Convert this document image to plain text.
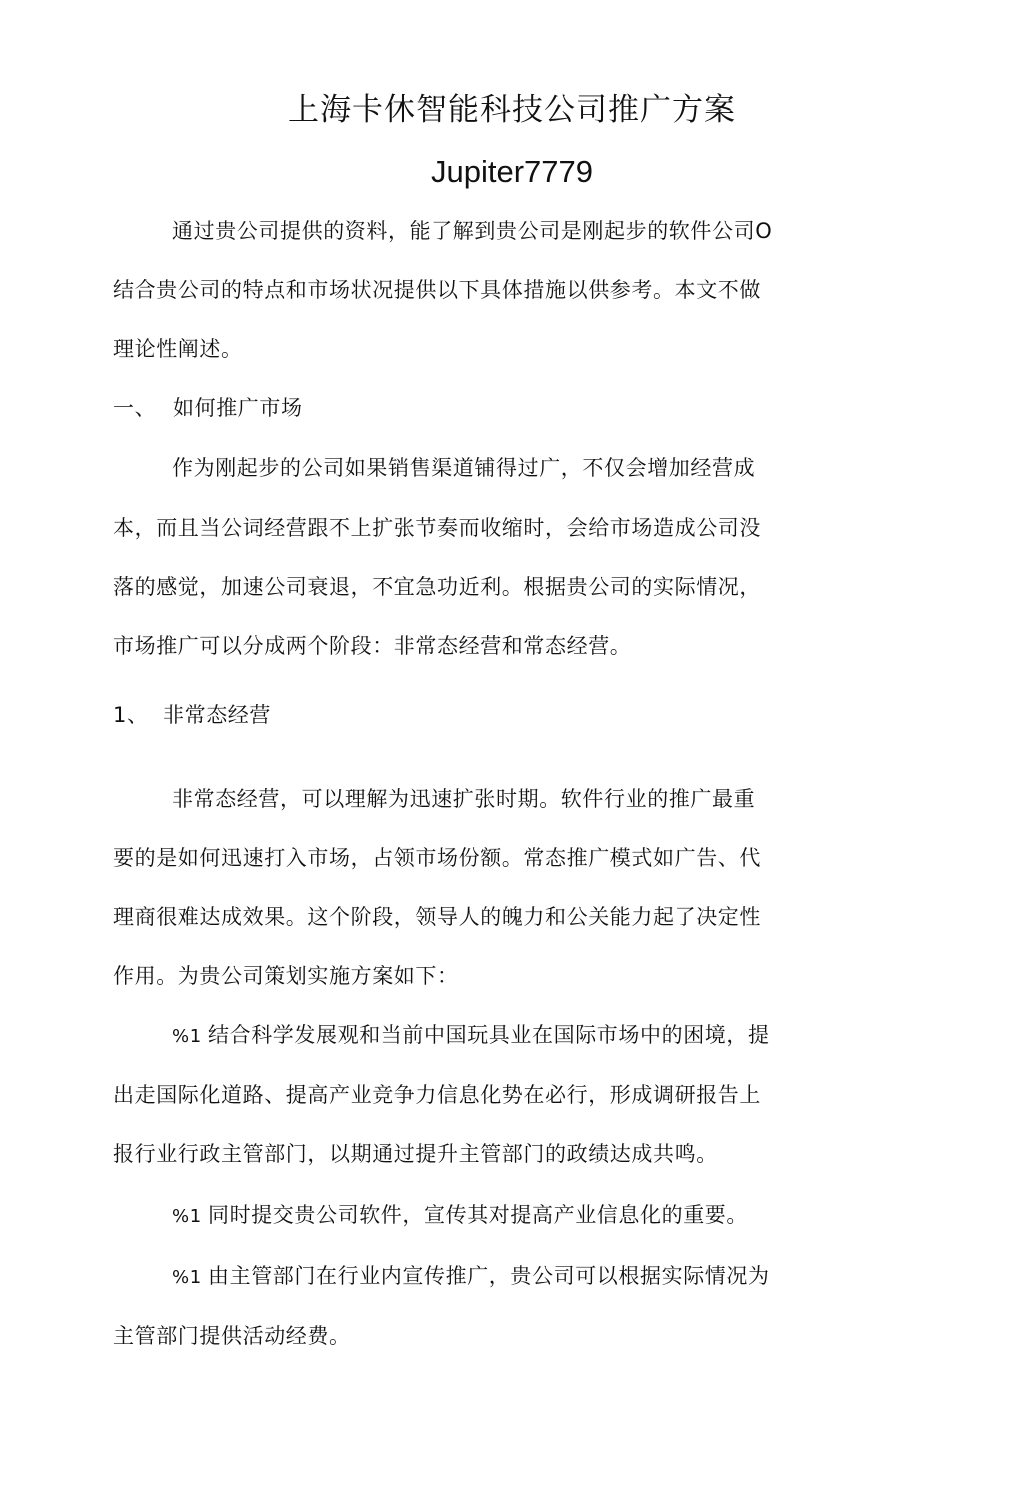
上海卡休智能科技公司推广方案
Jupiter7779
通过贵公司提供的资料，能了解到贵公司是刚起步的软件公司O
结合贵公司的特点和市场状况提供以下具体措施以供参考。本文不做
理论性阐述。
一、 如何推广市场
作为刚起步的公司如果销售渠道铺得过广，不仅会增加经营成
本，而且当公词经营跟不上扩张节奏而收缩时，会给市场造成公司没
落的感觉，加速公司衰退，不宜急功近利。根据贵公司的实际情况，
市场推广可以分成两个阶段：非常态经营和常态经营。
1、 非常态经营
非常态经营，可以理解为迅速扩张时期。软件行业的推广最重
要的是如何迅速打入市场，占领市场份额。常态推广模式如广告、代
理商很难达成效果。这个阶段，领导人的魄力和公关能力起了决定性
作用。为贵公司策划实施方案如下：
%1 结合科学发展观和当前中国玩具业在国际市场中的困境，提
出走国际化道路、提高产业竞争力信息化势在必行，形成调研报告上
报行业行政主管部门，以期通过提升主管部门的政绩达成共鸣。
%1 同时提交贵公司软件，宣传其对提高产业信息化的重要。
%1 由主管部门在行业内宣传推广，贵公司可以根据实际情况为
主管部门提供活动经费。
